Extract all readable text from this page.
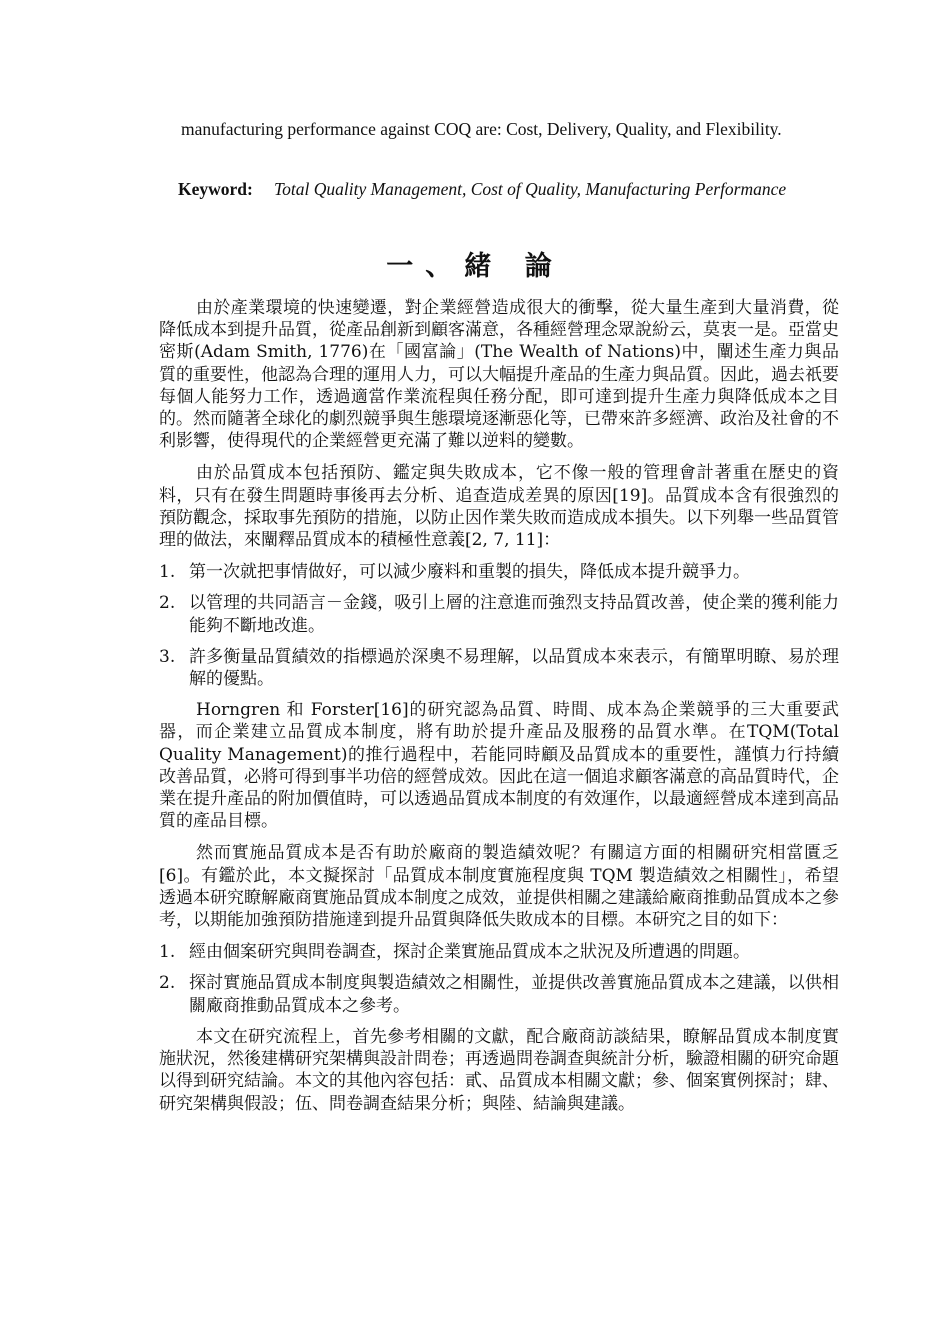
manufacturing performance against COQ are: Cost, Delivery, Quality, and Flexibility.
Keyword: Total Quality Management, Cost of Quality, Manufacturing Performance
一、緒 論

由於產業環境的快速變遷，對企業經營造成很大的衝擊，從大量生產到大量消費，從降低成本到提升品質，從產品創新到顧客滿意，各種經營理念眾說紛云，莫衷一是。亞當史密斯(Adam Smith, 1776)在「國富論」(The Wealth of Nations)中，闡述生產力與品質的重要性，他認為合理的運用人力，可以大幅提升產品的生產力與品質。因此，過去祇要每個人能努力工作，透過適當作業流程與任務分配，即可達到提升生產力與降低成本之目的。然而隨著全球化的劇烈競爭與生態環境逐漸惡化等，已帶來許多經濟、政治及社會的不利影響，使得現代的企業經營更充滿了難以逆料的變數。

由於品質成本包括預防、鑑定與失敗成本，它不像一般的管理會計著重在歷史的資料，只有在發生問題時事後再去分析、追查造成差異的原因[19]。品質成本含有很強烈的預防觀念，採取事先預防的措施，以防止因作業失敗而造成成本損失。以下列舉一些品質管理的做法，來闡釋品質成本的積極性意義[2, 7, 11]：

1. 第一次就把事情做好，可以減少廢料和重製的損失，降低成本提升競爭力。
2. 以管理的共同語言－金錢，吸引上層的注意進而強烈支持品質改善，使企業的獲利能力能夠不斷地改進。
3. 許多衡量品質績效的指標過於深奧不易理解，以品質成本來表示，有簡單明瞭、易於理解的優點。

Horngren 和 Forster[16]的研究認為品質、時間、成本為企業競爭的三大重要武器，而企業建立品質成本制度，將有助於提升產品及服務的品質水準。在TQM(Total Quality Management)的推行過程中，若能同時顧及品質成本的重要性，謹慎力行持續改善品質，必將可得到事半功倍的經營成效。因此在這一個追求顧客滿意的高品質時代，企業在提升產品的附加價值時，可以透過品質成本制度的有效運作，以最適經營成本達到高品質的產品目標。

然而實施品質成本是否有助於廠商的製造績效呢？有關這方面的相關研究相當匱乏[6]。有鑑於此，本文擬探討「品質成本制度實施程度與 TQM 製造績效之相關性」，希望透過本研究瞭解廠商實施品質成本制度之成效，並提供相關之建議給廠商推動品質成本之參考，以期能加強預防措施達到提升品質與降低失敗成本的目標。本研究之目的如下：

1. 經由個案研究與問卷調查，探討企業實施品質成本之狀況及所遭遇的問題。
2. 探討實施品質成本制度與製造績效之相關性，並提供改善實施品質成本之建議，以供相關廠商推動品質成本之參考。

本文在研究流程上，首先參考相關的文獻，配合廠商訪談結果，瞭解品質成本制度實施狀況，然後建構研究架構與設計問卷；再透過問卷調查與統計分析，驗證相關的研究命題以得到研究結論。本文的其他內容包括：貳、品質成本相關文獻；參、個案實例探討；肆、研究架構與假設；伍、問卷調查結果分析；與陸、結論與建議。
